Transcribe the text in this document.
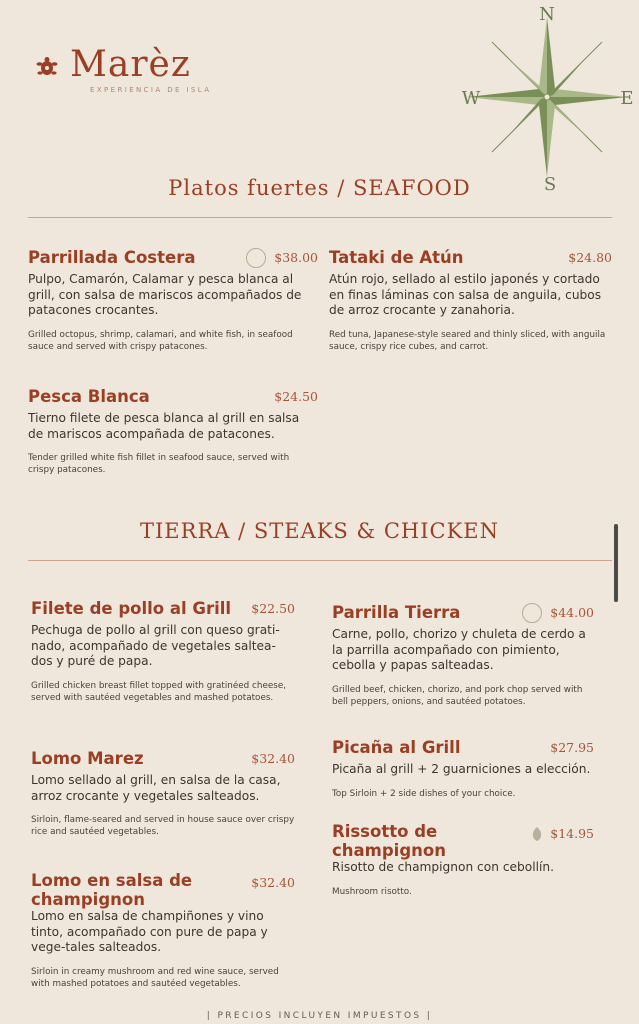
Marèz
EXPERIENCIA DE ISLA
N
S
E
W
Platos fuertes / SEAFOOD
Parrillada Costera	$38.00
Pulpo, Camarón, Calamar y pesca blanca al grill, con salsa de mariscos acompañados de patacones crocantes.
Grilled octopus, shrimp, calamari, and white fish, in seafood sauce and served with crispy patacones.
Tataki de Atún	$24.80
Atún rojo, sellado al estilo japonés y cortado en finas láminas con salsa de anguila, cubos de arroz crocante y zanahoria.
Red tuna, Japanese-style seared and thinly sliced, with anguila sauce, crispy rice cubes, and carrot.
Pesca Blanca	$24.50
Tierno filete de pesca blanca al grill en salsa de mariscos acompañada de patacones.
Tender grilled white fish fillet in seafood sauce, served with crispy patacones.
TIERRA / STEAKS & CHICKEN
Filete de pollo al Grill	$22.50
Pechuga de pollo al grill con queso grati-nado, acompañado de vegetales saltea-dos y puré de papa.
Grilled chicken breast fillet topped with gratinéed cheese, served with sautéed vegetables and mashed potatoes.
Parrilla Tierra	$44.00
Carne, pollo, chorizo y chuleta de cerdo a la parrilla acompañado con pimiento, cebolla y papas salteadas.
Grilled beef, chicken, chorizo, and pork chop served with bell peppers, onions, and sautéed potatoes.
Lomo Marez	$32.40
Lomo sellado al grill, en salsa de la casa, arroz crocante y vegetales salteados.
Sirloin, flame-seared and served in house sauce over crispy rice and sautéed vegetables.
Picaña al Grill	$27.95
Picaña al grill + 2 guarniciones a elección.
Top Sirloin + 2 side dishes of your choice.
Rissotto de champignon
$14.95
Risotto de champignon con cebollín.
Mushroom risotto.
Lomo en salsa de champignon
$32.40
Lomo en salsa de champiñones y vino tinto, acompañado con pure de papa y vege-tales salteados.
Sirloin in creamy mushroom and red wine sauce, served with mashed potatoes and sautéed vegetables.
| PRECIOS INCLUYEN IMPUESTOS |
